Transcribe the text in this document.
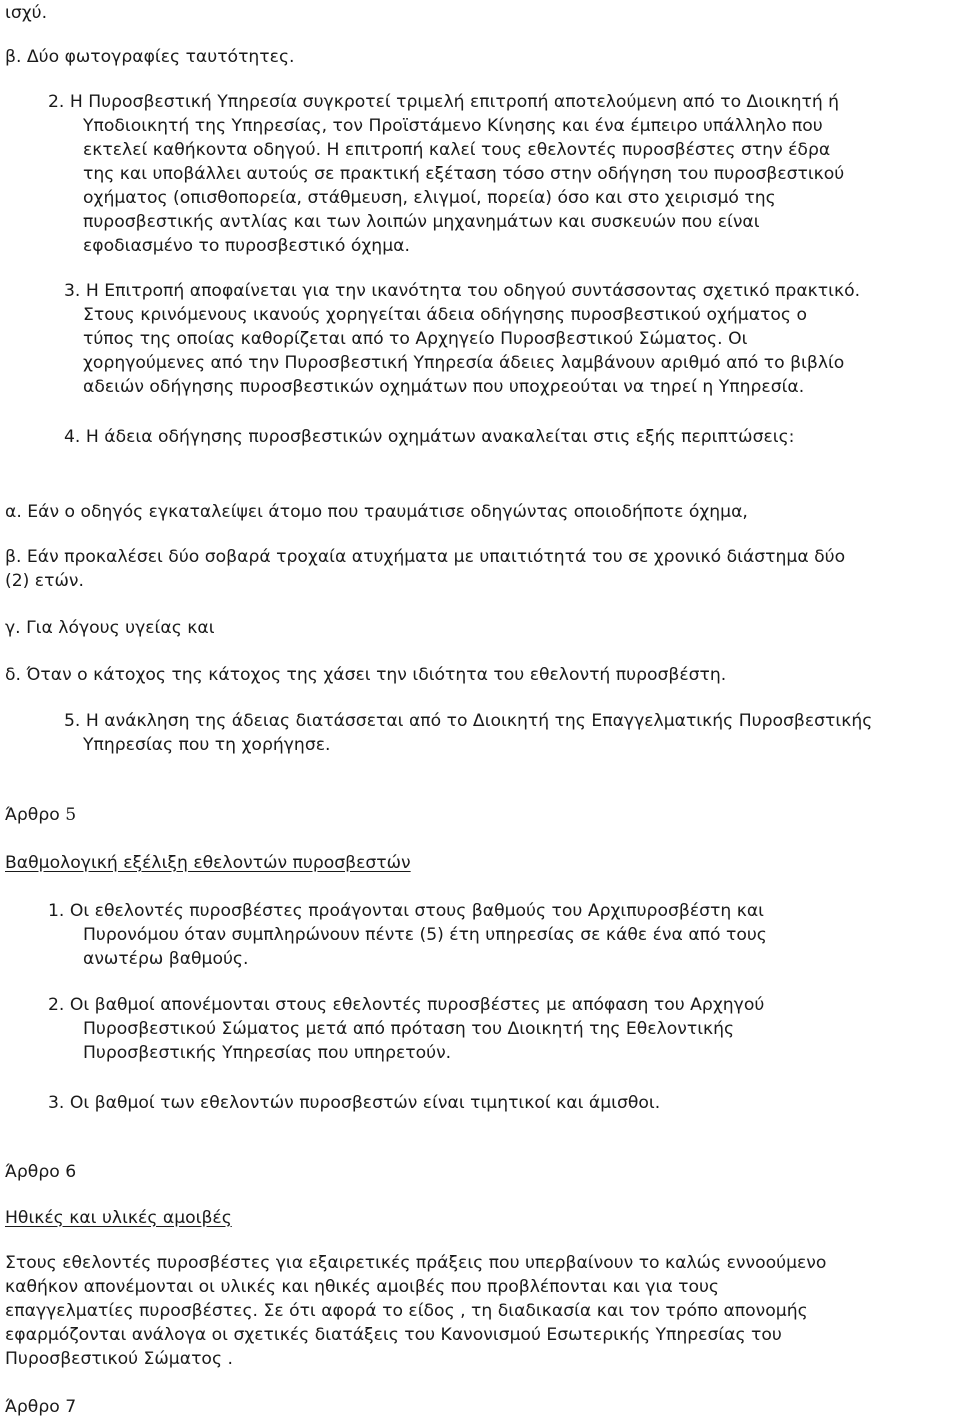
ισχύ.

β. Δύο φωτογραφίες ταυτότητες.

2. Η Πυροσβεστική Υπηρεσία συγκροτεί τριμελή επιτροπή αποτελούμενη από το Διοικητή ή

Υποδιοικητή της Υπηρεσίας, τον Προϊστάμενο Κίνησης και ένα έμπειρο υπάλληλο που

εκτελεί καθήκοντα οδηγού. Η επιτροπή καλεί τους εθελοντές πυροσβέστες στην έδρα

της και υποβάλλει αυτούς σε πρακτική εξέταση τόσο στην οδήγηση του πυροσβεστικού

οχήματος (οπισθοπορεία, στάθμευση, ελιγμοί, πορεία) όσο και στο χειρισμό της

πυροσβεστικής αντλίας και των λοιπών μηχανημάτων και συσκευών που είναι

εφοδιασμένο το πυροσβεστικό όχημα.

3. Η Επιτροπή αποφαίνεται για την ικανότητα του οδηγού συντάσσοντας σχετικό πρακτικό.

Στους κρινόμενους ικανούς χορηγείται άδεια οδήγησης πυροσβεστικού οχήματος ο

τύπος της οποίας καθορίζεται από το Αρχηγείο Πυροσβεστικού Σώματος. Οι

χορηγούμενες από την Πυροσβεστική Υπηρεσία άδειες λαμβάνουν αριθμό από το βιβλίο

αδειών οδήγησης πυροσβεστικών οχημάτων που υποχρεούται να τηρεί η Υπηρεσία.

4. Η άδεια οδήγησης πυροσβεστικών οχημάτων ανακαλείται στις εξής περιπτώσεις:

α. Εάν ο οδηγός εγκαταλείψει άτομο που τραυμάτισε οδηγώντας οποιοδήποτε όχημα,

β. Εάν προκαλέσει δύο σοβαρά τροχαία ατυχήματα με υπαιτιότητά του σε χρονικό διάστημα δύο

(2) ετών.

γ. Για λόγους υγείας και

δ. Όταν ο κάτοχος της κάτοχος της χάσει την ιδιότητα του εθελοντή πυροσβέστη.

5. Η ανάκληση της άδειας διατάσσεται από το Διοικητή της Επαγγελματικής Πυροσβεστικής

Υπηρεσίας που τη χορήγησε.

Άρθρο 5

Βαθμολογική εξέλιξη εθελοντών πυροσβεστών

1. Οι εθελοντές πυροσβέστες προάγονται στους βαθμούς του Αρχιπυροσβέστη και

Πυρονόμου όταν συμπληρώνουν πέντε (5) έτη υπηρεσίας σε κάθε ένα από τους

ανωτέρω βαθμούς.

2. Οι βαθμοί απονέμονται στους εθελοντές πυροσβέστες με απόφαση του Αρχηγού

Πυροσβεστικού Σώματος μετά από πρόταση του Διοικητή της Εθελοντικής

Πυροσβεστικής Υπηρεσίας που υπηρετούν.

3. Οι βαθμοί των εθελοντών πυροσβεστών είναι τιμητικοί και άμισθοι.

Άρθρο 6

Ηθικές και υλικές αμοιβές

Στους εθελοντές πυροσβέστες για εξαιρετικές πράξεις που υπερβαίνουν το καλώς εννοούμενο

καθήκον απονέμονται οι υλικές και ηθικές αμοιβές που προβλέπονται και για τους

επαγγελματίες πυροσβέστες. Σε ότι αφορά το είδος , τη διαδικασία και τον τρόπο απονομής

εφαρμόζονται ανάλογα οι σχετικές διατάξεις του Κανονισμού Εσωτερικής Υπηρεσίας του

Πυροσβεστικού Σώματος .

Άρθρο 7
